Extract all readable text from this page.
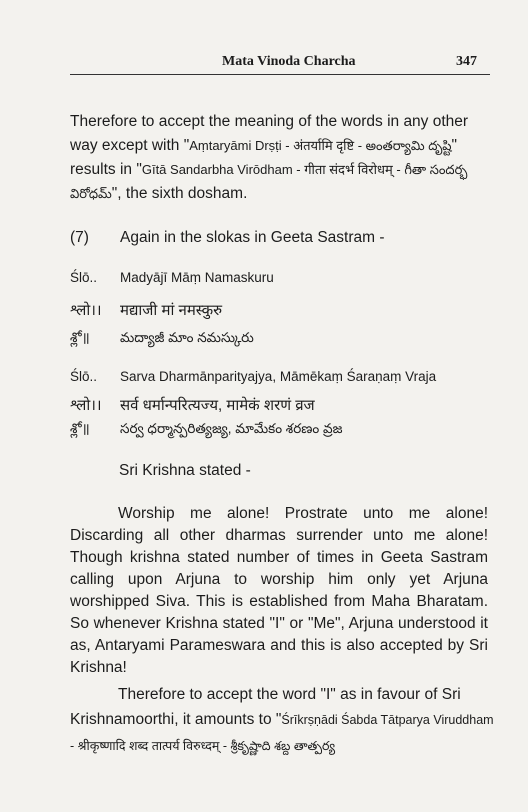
Mata Vinoda Charcha	347

Therefore to accept the meaning of the words in any other way except with "Aṃtaryāmi Drṣṭi - अंतर्यामि दृष्टि - అంతర్యామి దృష్టి" results in "Gītā Sandarbha Virōdham - गीता संदर्भ विरोधम् - గీతా సందర్భ విరోధమ్", the sixth dosham.

(7) Again in the slokas in Geeta Sastram -
Ślō.. Madyājī Māṃ Namaskuru
श्लो।। मद्याजी मां नमस्कुरु
శ్లో॥ మద్యాజీ మాం నమస్కురు
Ślō.. Sarva Dharmānparityajya, Māmēkaṃ Śaraṇaṃ Vraja
श्लो।। सर्व धर्मान्परित्यज्य, मामेकं शरणं व्रज
శ్లో॥ సర్వ ధర్మాన్పరిత్యజ్య, మామేకం శరణం వ్రజ
Sri Krishna stated -

Worship me alone! Prostrate unto me alone! Discarding all other dharmas surrender unto me alone! Though krishna stated number of times in Geeta Sastram calling upon Arjuna to worship him only yet Arjuna worshipped Siva. This is established from Maha Bharatam. So whenever Krishna stated "I" or "Me", Arjuna understood it as, Antaryami Parameswara and this is also accepted by Sri Krishna!

Therefore to accept the word "I" as in favour of Sri Krishnamoorthi, it amounts to "Śrīkrṣṇādi Śabda Tātparya Viruddham - श्रीकृष्णादि शब्द तात्पर्य विरुध्दम् - శ్రీకృష్ణాది శబ్ద తాత్పర్య
